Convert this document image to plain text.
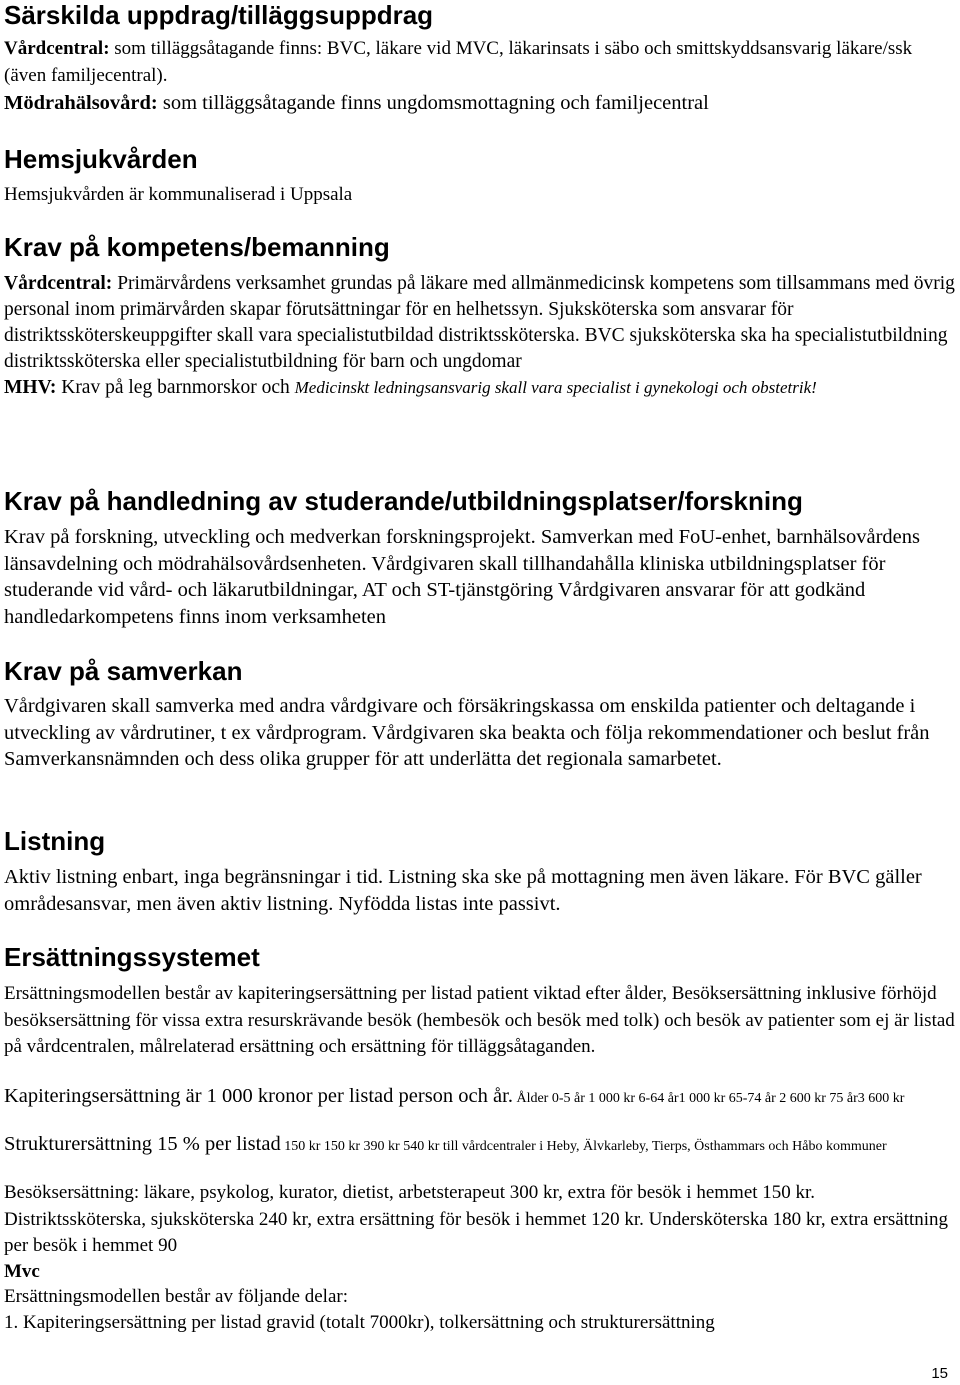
Särskilda uppdrag/tilläggsuppdrag

Vårdcentral: som tilläggsåtagande finns: BVC, läkare vid MVC, läkarinsats i säbo och smittskyddsansvarig läkare/ssk (även familjecentral).

Mödrahälsovård: som tilläggsåtagande finns ungdomsmottagning och familjecentral

Hemsjukvården

Hemsjukvården är kommunaliserad i Uppsala

Krav på kompetens/bemanning

Vårdcentral: Primärvårdens verksamhet grundas på läkare med allmänmedicinsk kompetens som tillsammans med övrig personal inom primärvården skapar förutsättningar för en helhetssyn. Sjuksköterska som ansvarar för distriktssköterskeuppgifter skall vara specialistutbildad distriktssköterska. BVC sjuksköterska ska ha specialistutbildning distriktssköterska eller specialistutbildning för barn och ungdomar
MHV: Krav på leg barnmorskor och Medicinskt ledningsansvarig skall vara specialist i gynekologi och obstetrik!

Krav på handledning av studerande/utbildningsplatser/forskning

Krav på forskning, utveckling och medverkan forskningsprojekt. Samverkan med FoU-enhet, barnhälsovårdens länsavdelning och mödrahälsovårdsenheten. Vårdgivaren skall tillhandahålla kliniska utbildningsplatser för studerande vid vård- och läkarutbildningar, AT och ST-tjänstgöring Vårdgivaren ansvarar för att godkänd handledarkompetens finns inom verksamheten

Krav på samverkan

Vårdgivaren skall samverka med andra vårdgivare och försäkringskassa om enskilda patienter och deltagande i utveckling av vårdrutiner, t ex vårdprogram. Vårdgivaren ska beakta och följa rekommendationer och beslut från Samverkansnämnden och dess olika grupper för att underlätta det regionala samarbetet.

Listning

Aktiv listning enbart, inga begränsningar i tid. Listning ska ske på mottagning men även läkare. För BVC gäller områdesansvar, men även aktiv listning. Nyfödda listas inte passivt.

Ersättningssystemet

Ersättningsmodellen består av kapiteringsersättning per listad patient viktad efter ålder, Besöksersättning inklusive förhöjd besöksersättning för vissa extra resurskrävande besök (hembesök och besök med tolk) och besök av patienter som ej är listad på vårdcentralen, målrelaterad ersättning och ersättning för tilläggsåtaganden.

Kapiteringsersättning är 1 000 kronor per listad person och år. Ålder 0-5 år 1 000 kr 6-64 år1 000 kr 65-74 år 2 600 kr 75 år3 600 kr

Strukturersättning 15 % per listad 150 kr 150 kr 390 kr 540 kr till vårdcentraler i Heby, Älvkarleby, Tierps, Östhammars och Håbo kommuner

Besöksersättning: läkare, psykolog, kurator, dietist, arbetsterapeut 300 kr, extra för besök i hemmet 150 kr. Distriktssköterska, sjuksköterska 240 kr, extra ersättning för besök i hemmet 120 kr. Undersköterska 180 kr, extra ersättning per besök i hemmet 90

Mvc

Ersättningsmodellen består av följande delar:

1. Kapiteringsersättning per listad gravid (totalt 7000kr), tolkersättning och strukturersättning

15
